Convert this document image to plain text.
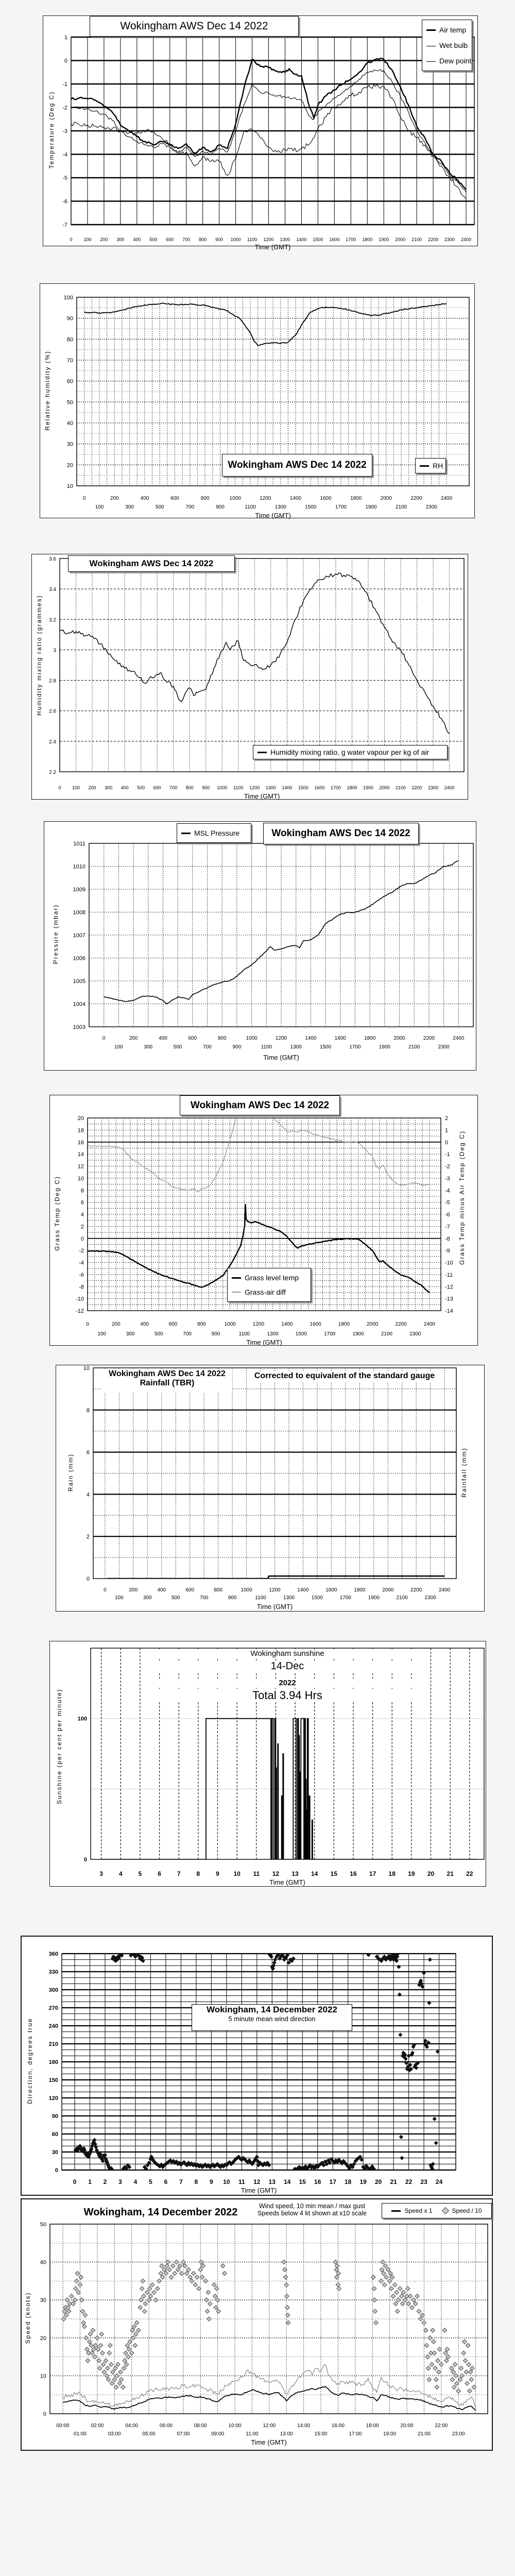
0 100 200 300 400 500 600 700 800 900 1000 1100 1200 1300 1400 1500 1600 1700 1800 1900 2000 2100 2200 2300 2400
1
0
-1
-2
-3
-4
-5
-6
-7
Temperature (Deg C)
Time (GMT)
Wokingham AWS Dec 14 2022	Air temp
Wet bulb
Dew point
0	200	400	600	800	1000	1200	1400	1600	1800	2000	2200	2400
100	300	500	700	900	1100	1300	1500	1700	1900	2100	2300
100
90
80
70
60
50
40
30
20
10
Relative humidity (%)
Time (GMT)
Wokingham AWS Dec 14 2022	RH
0 100 200 300 400 500 600 700 800 900 1000 1100 1200 1300 1400 1500 1600 1700 1800 1900 2000 2100 2200 2300 2400
3.6
3.4
3.2
3
2.8
2.6
2.4
2.2
Humidity mixing ratio (grammes)
Time (GMT)
Wokingham AWS Dec 14 2022
Humidity mixing ratio, g water vapour per kg of air
0	200	400	600	800	1000	1200	1400	1600	1800	2000	2200	2400
100	300	500	700	900	1100	1300	1500	1700	1900	2100	2300
1011
1010
1009
1008
1007
1006
1005
1004
1003
Pressure (mbar)
Time (GMT)
Wokingham AWS Dec 14 2022
MSL Pressure
0	200	400	600	800	1000	1200	1400	1600	1800	2000	2200	2400
100	300	500	700	900	1100	1300	1500	1700	1900	2100	2300
20
18
16
14
12
10
8
6
4
2
0
-2
-4
-6
-8
-10
-12
2
1
0
-1
-2
-3
-4
-5
-6
-7
-8
-9
-10
-11
-12
-13
-14
Grass Temp (Deg C)	Grass Temp minus Air Temp (Deg C)
Time (GMT)
Wokingham AWS Dec 14 2022
Grass level temp
Grass-air diff
0	200	400	600	800	1000	1200	1400	1600	1800	2000	2200	2400
100	300	500	700	900	1100	1300	1500	1700	1900	2100	2300
10
8
6
4
2
0
Rain (mm)	Rainfall (mm)
Time (GMT)
Wokingham AWS Dec 14 2022
Rainfall (TBR)
Corrected to equivalent of the standard gauge
3	4	5	6	7	8	9 10 11 12 13 14 15 16 17 18 19 20 21 22
100
0
Sunshine (per cent per minute)
Time (GMT)
Wokingham sunshine
14-Dec
2022
Total 3.94 Hrs
0 1 2 3 4 5 6 7 8 9 10 11 12 13 14 15 16 17 18 19 20 21 22 23 24
360
330
300
270
240
210
180
150
120
90
60
30
0
Direction, degrees true
Time (GMT)
Wokingham, 14 December 2022
5 minute mean wind direction
00:00	02:00	04:00	06:00	08:00	10:00	12:00	14:00	16:00	18:00	20:00	22:00
01:00	03:00	05:00	07:00	09:00	11:00	13:00	15:00	17:00	19:00	21:00	23:00
50
40
30
20
10
0
Speed (knots)
Time (GMT)
Wokingham, 14 December 2022
Wind speed, 10 min mean / max gust
Speeds below 4 kt shown at x10 scale	Speed x 1	Speed / 10
